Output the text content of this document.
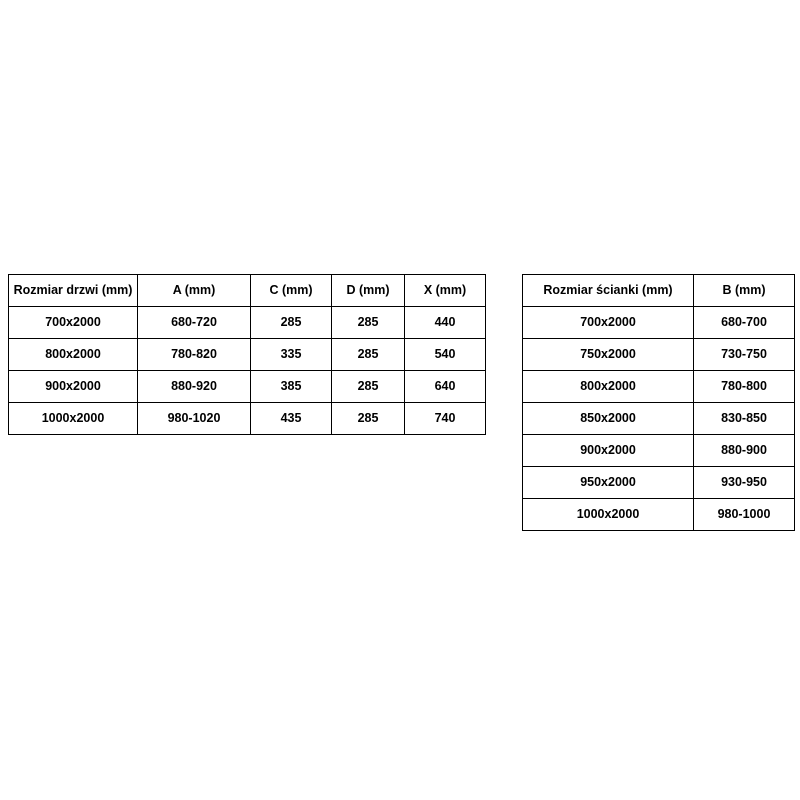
Rozmiar drzwi (mm)	A (mm)	C (mm)	D (mm)	X (mm)
700x2000	680-720	285	285	440
800x2000	780-820	335	285	540
900x2000	880-920	385	285	640
1000x2000	980-1020	435	285	740
Rozmiar ścianki (mm)	B (mm)
700x2000	680-700
750x2000	730-750
800x2000	780-800
850x2000	830-850
900x2000	880-900
950x2000	930-950
1000x2000	980-1000
